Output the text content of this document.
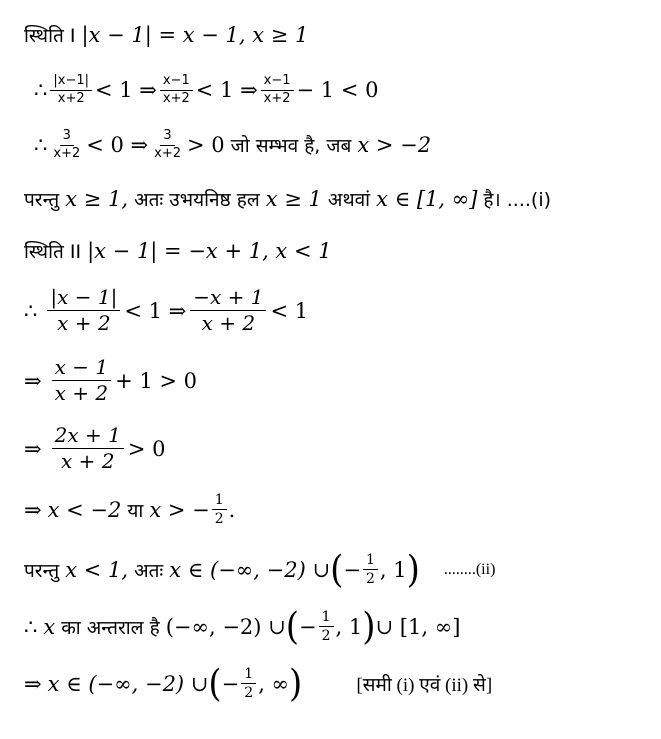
स्थिति I |x − 1| = x − 1, x ≥ 1
∴ $\frac{|x-1|}{x+2} < 1$ ⇒ $\frac{x-1}{x+2} < 1$ ⇒ $\frac{x-1}{x+2} - 1 < 0$
∴ $\frac{3}{x+2} < 0$ ⇒ $\frac{3}{x+2} > 0$ जो सम्भव है, जब x > −2
परन्तु x ≥ 1, अतः उभयनिष्ठ हल x ≥ 1 अथवां x ∈ [1, ∞] है। ....(i)
स्थिति II |x − 1| = −x + 1, x < 1
∴ $\frac{|x - 1|}{x + 2} < 1$ ⇒ $\frac{-x + 1}{x + 2} < 1$
⇒ $\frac{x - 1}{x + 2} + 1 > 0$
⇒ $\frac{2x + 1}{x + 2} > 0$
⇒ x < −2 या x > − $\frac{1}{2}$ .
परन्तु x < 1, अतः x ∈ (−∞, −2) ∪ ( − $\frac{1}{2}$ , 1 ) ........(ii)
∴ x का अन्तराल है (−∞, −2) ∪ ( − $\frac{1}{2}$ , 1 ) ∪ [1, ∞]
⇒ x ∈ (−∞, −2) ∪ ( − $\frac{1}{2}$ , ∞ )	[समी (i) एवं (ii) से]
